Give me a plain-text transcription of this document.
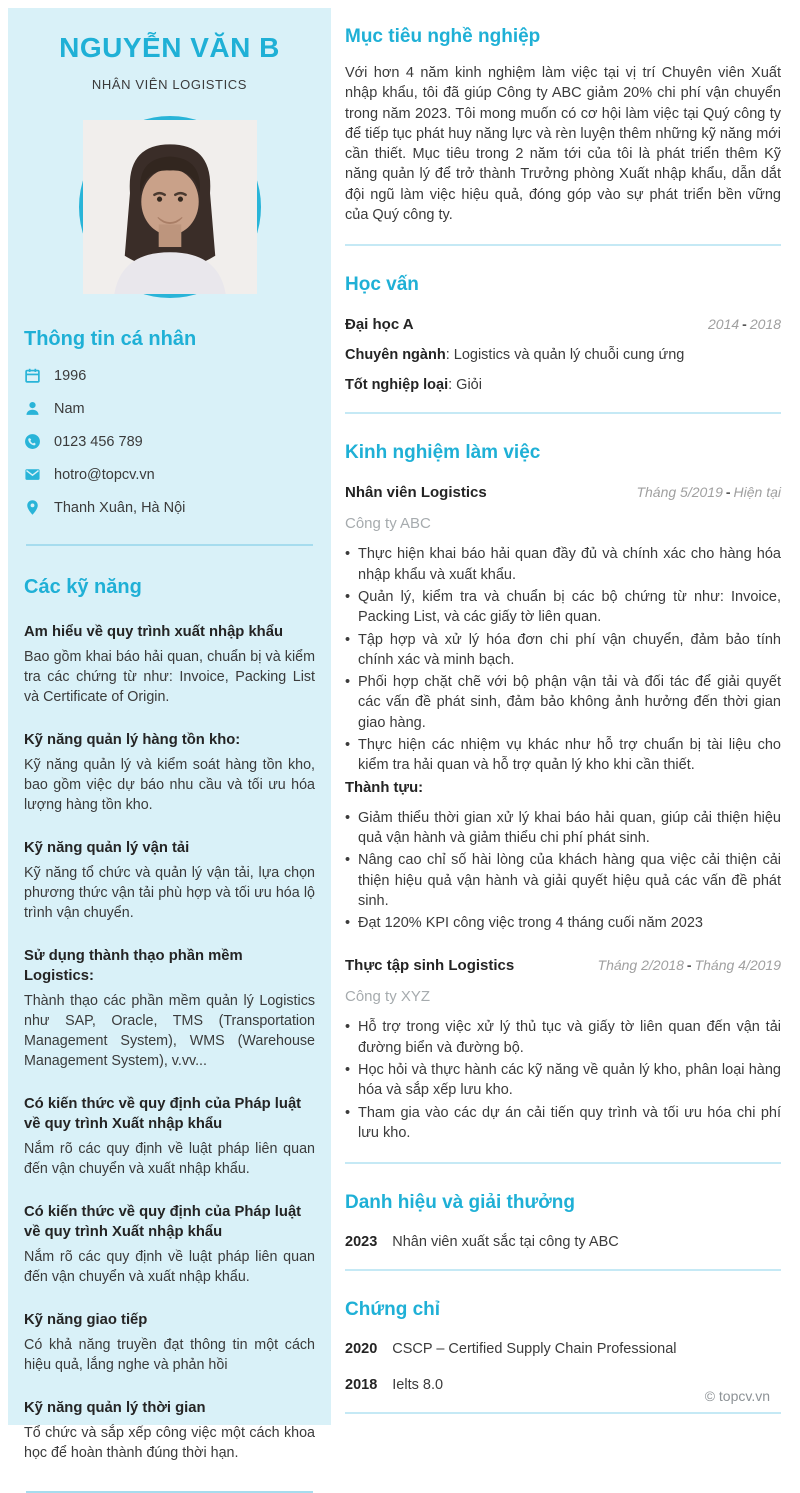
NGUYỄN VĂN B
NHÂN VIÊN LOGISTICS
Thông tin cá nhân
1996
Nam
0123 456 789
hotro@topcv.vn
Thanh Xuân, Hà Nội
Các kỹ năng
Am hiểu về quy trình xuất nhập khẩu
Bao gồm khai báo hải quan, chuẩn bị và kiểm tra các chứng từ như: Invoice, Packing List và Certificate of Origin.
Kỹ năng quản lý hàng tồn kho:
Kỹ năng quản lý và kiểm soát hàng tồn kho, bao gồm việc dự báo nhu cầu và tối ưu hóa lượng hàng tồn kho.
Kỹ năng quản lý vận tải
Kỹ năng tổ chức và quản lý vận tải, lựa chọn phương thức vận tải phù hợp và tối ưu hóa lộ trình vận chuyển.
Sử dụng thành thạo phần mềm Logistics:
Thành thạo các phần mềm quản lý Logistics như SAP, Oracle, TMS (Transportation Management System), WMS (Warehouse Management System), v.vv...
Có kiến thức về quy định của Pháp luật về quy trình Xuất nhập khẩu
Nắm rõ các quy định về luật pháp liên quan đến vận chuyển và xuất nhập khẩu.
Có kiến thức về quy định của Pháp luật về quy trình Xuất nhập khẩu
Nắm rõ các quy định về luật pháp liên quan đến vận chuyển và xuất nhập khẩu.
Kỹ năng giao tiếp
Có khả năng truyền đạt thông tin một cách hiệu quả, lắng nghe và phản hồi
Kỹ năng quản lý thời gian
Tổ chức và sắp xếp công việc một cách khoa học để hoàn thành đúng thời hạn.
Mục tiêu nghề nghiệp

Với hơn 4 năm kinh nghiệm làm việc tại vị trí Chuyên viên Xuất nhập khẩu, tôi đã giúp Công ty ABC giảm 20% chi phí vận chuyển trong năm 2023. Tôi mong muốn có cơ hội làm việc tại Quý công ty để tiếp tục phát huy năng lực và rèn luyện thêm những kỹ năng mới cần thiết. Mục tiêu trong 2 năm tới của tôi là phát triển thêm Kỹ năng quản lý để trở thành Trưởng phòng Xuất nhập khẩu, dẫn dắt đội ngũ làm việc hiệu quả, đóng góp vào sự phát triển bền vững của Quý công ty.

Học vấn
Đại học A	2014 - 2018
Chuyên ngành: Logistics và quản lý chuỗi cung ứng
Tốt nghiệp loại: Giỏi
Kinh nghiệm làm việc
Nhân viên Logistics	Tháng 5/2019 - Hiện tại
Công ty ABC
• Thực hiện khai báo hải quan đầy đủ và chính xác cho hàng hóa nhập khẩu và xuất khẩu.
• Quản lý, kiểm tra và chuẩn bị các bộ chứng từ như: Invoice, Packing List, và các giấy tờ liên quan.
• Tập hợp và xử lý hóa đơn chi phí vận chuyển, đảm bảo tính chính xác và minh bạch.
• Phối hợp chặt chẽ với bộ phận vận tải và đối tác để giải quyết các vấn đề phát sinh, đảm bảo không ảnh hưởng đến thời gian giao hàng.
• Thực hiện các nhiệm vụ khác như hỗ trợ chuẩn bị tài liệu cho kiểm tra hải quan và hỗ trợ quản lý kho khi cần thiết.
Thành tựu:
• Giảm thiểu thời gian xử lý khai báo hải quan, giúp cải thiện hiệu quả vận hành và giảm thiểu chi phí phát sinh.
• Nâng cao chỉ số hài lòng của khách hàng qua việc cải thiện cải thiện hiệu quả vận hành và giải quyết hiệu quả các vấn đề phát sinh.
• Đạt 120% KPI công việc trong 4 tháng cuối năm 2023
Thực tập sinh Logistics	Tháng 2/2018 - Tháng 4/2019
Công ty XYZ
• Hỗ trợ trong việc xử lý thủ tục và giấy tờ liên quan đến vận tải đường biển và đường bộ.
• Học hỏi và thực hành các kỹ năng về quản lý kho, phân loại hàng hóa và sắp xếp lưu kho.
• Tham gia vào các dự án cải tiến quy trình và tối ưu hóa chi phí lưu kho.
Danh hiệu và giải thưởng
2023 Nhân viên xuất sắc tại công ty ABC
Chứng chỉ
2020 CSCP – Certified Supply Chain Professional
2018 Ielts 8.0
© topcv.vn
